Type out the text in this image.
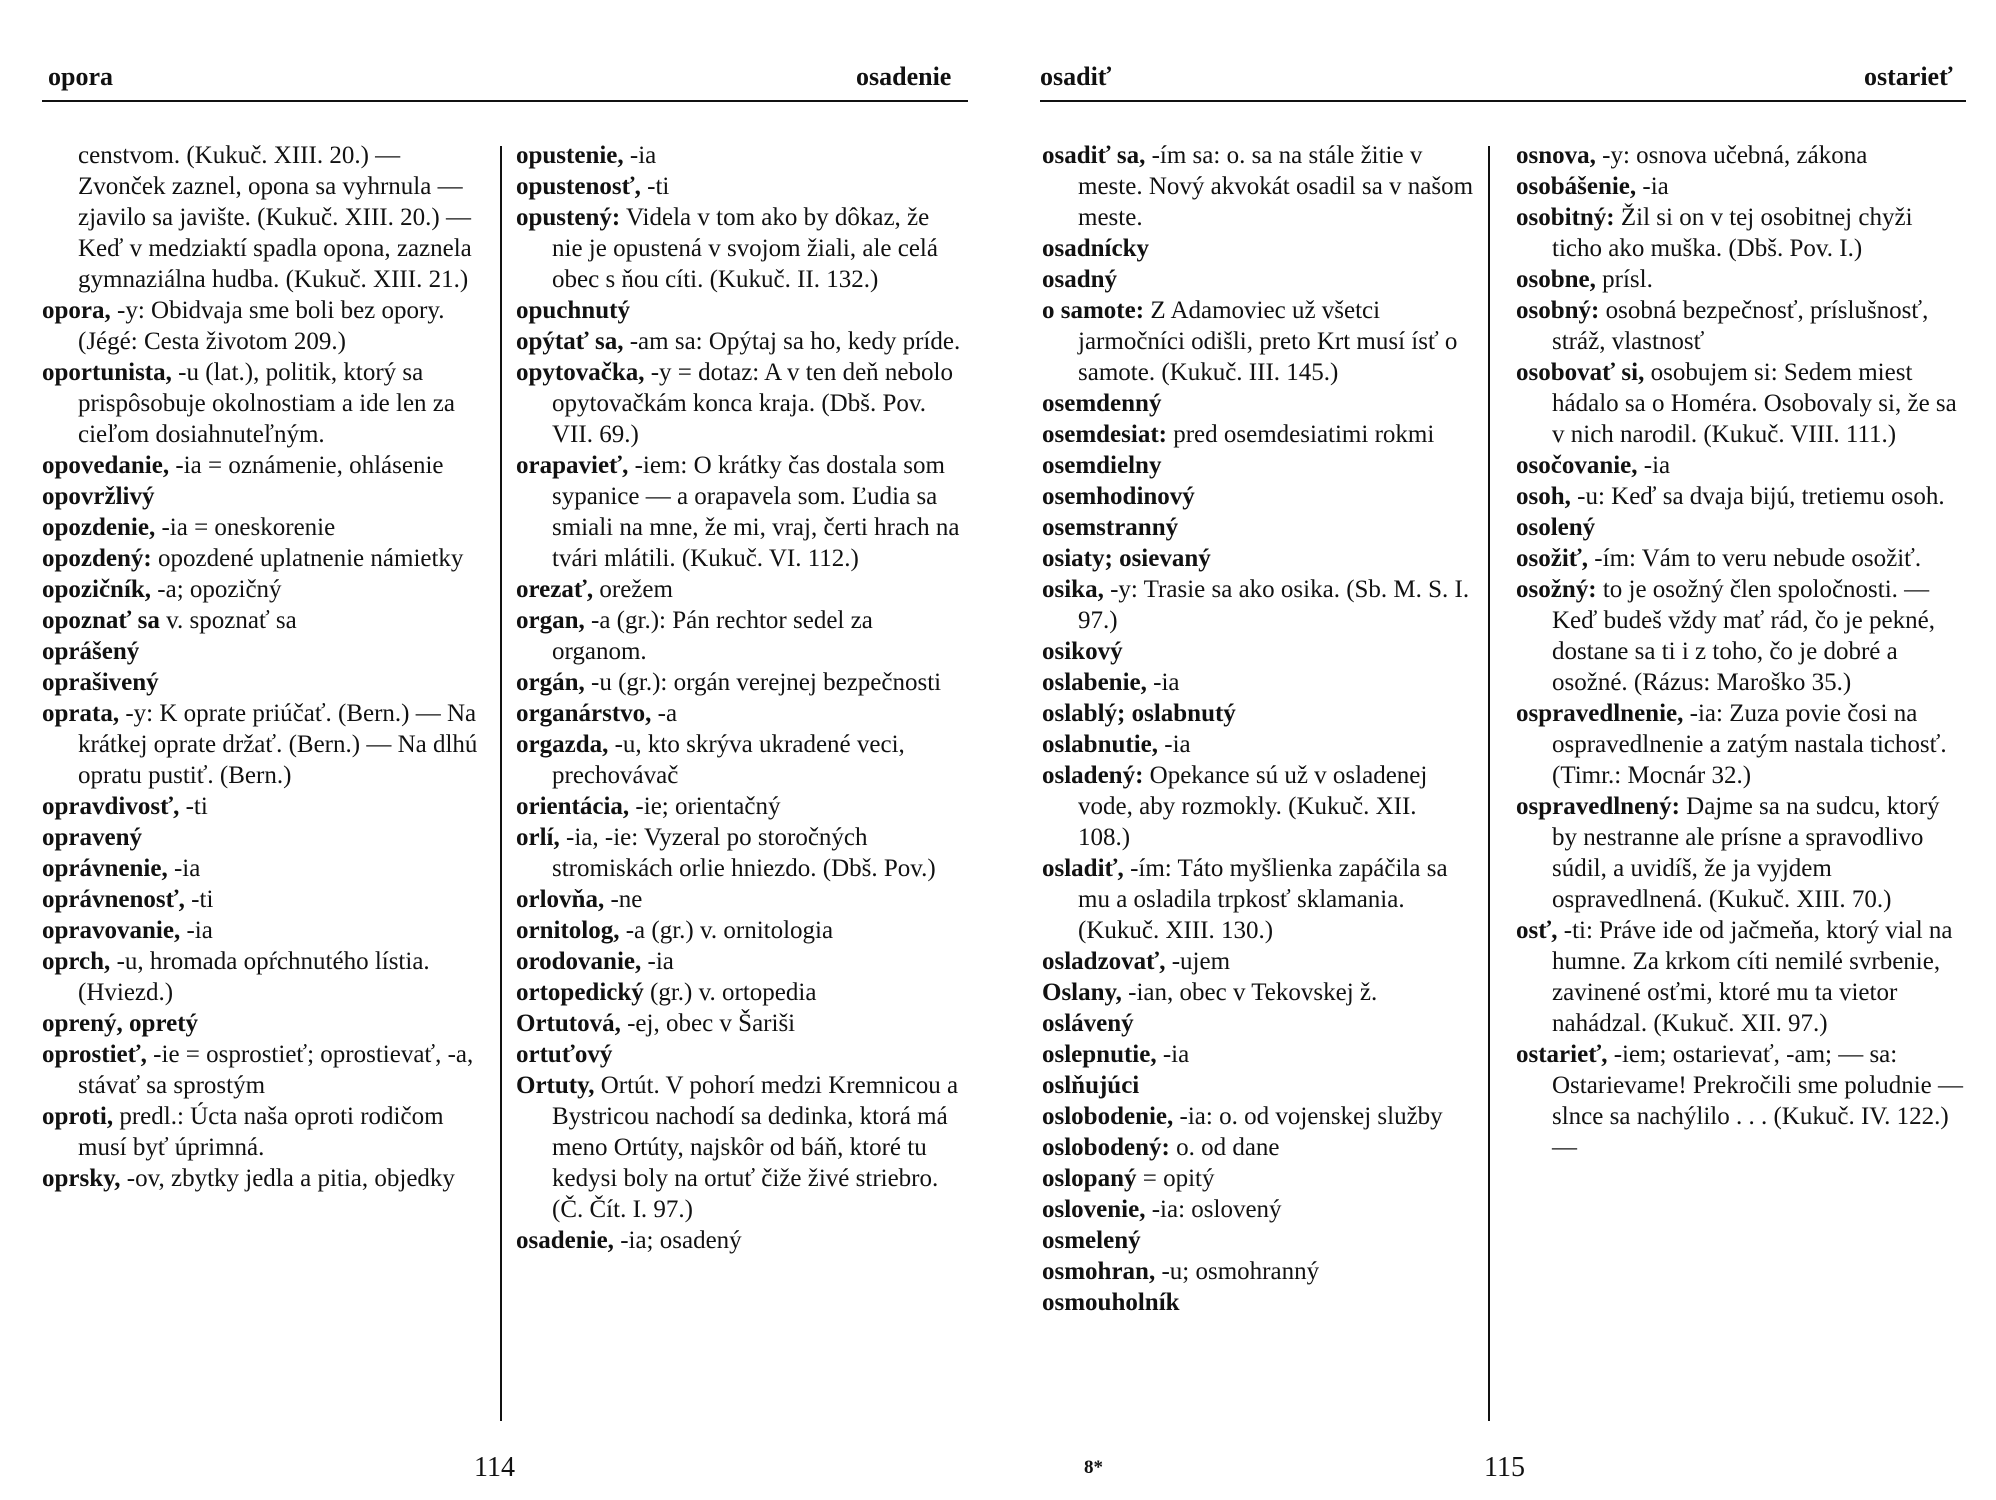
opora	osadenie
censtvom. (Kukuč. XIII. 20.) — Zvonček zaznel, opona sa vyhrnula — zjavilo sa javište. (Kukuč. XIII. 20.) — Keď v medziaktí spadla opona, zaznela gymnaziálna hudba. (Kukuč. XIII. 21.)
opora, -y: Obidvaja sme boli bez opory. (Jégé: Cesta životom 209.)
oportunista, -u (lat.), politik, ktorý sa prispôsobuje okolnostiam a ide len za cieľom dosiahnuteľným.
opovedanie, -ia = oznámenie, ohlásenie
opovržlivý
opozdenie, -ia = oneskorenie
opozdený: opozdené uplatnenie námietky
opozičník, -a; opozičný
opoznať sa v. spoznať sa
oprášený
oprašivený
oprata, -y: K oprate priúčať. (Bern.) — Na krátkej oprate držať. (Bern.) — Na dlhú opratu pustiť. (Bern.)
opravdivosť, -ti
opravený
oprávnenie, -ia
oprávnenosť, -ti
opravovanie, -ia
oprch, -u, hromada opŕchnutého lístia. (Hviezd.)
oprený, opretý
oprostieť, -ie = osprostieť; oprostievať, -a, stávať sa sprostým
oproti, predl.: Úcta naša oproti rodičom musí byť úprimná.
oprsky, -ov, zbytky jedla a pitia, objedky
opustenie, -ia
opustenosť, -ti
opustený: Videla v tom ako by dôkaz, že nie je opustená v svojom žiali, ale celá obec s ňou cíti. (Kukuč. II. 132.)
opuchnutý
opýtať sa, -am sa: Opýtaj sa ho, kedy príde.
opytovačka, -y = dotaz: A v ten deň nebolo opytovačkám konca kraja. (Dbš. Pov. VII. 69.)
orapavieť, -iem: O krátky čas dostala som sypanice — a orapavela som. Ľudia sa smiali na mne, že mi, vraj, čerti hrach na tvári mlátili. (Kukuč. VI. 112.)
orezať, orežem
organ, -a (gr.): Pán rechtor sedel za organom.
orgán, -u (gr.): orgán verejnej bezpečnosti
organárstvo, -a
orgazda, -u, kto skrýva ukradené veci, prechovávač
orientácia, -ie; orientačný
orlí, -ia, -ie: Vyzeral po storočných stromiskách orlie hniezdo. (Dbš. Pov.)
orlovňa, -ne
ornitolog, -a (gr.) v. ornitologia
orodovanie, -ia
ortopedický (gr.) v. ortopedia
Ortutová, -ej, obec v Šariši
ortuťový
Ortuty, Ortút. V pohorí medzi Kremnicou a Bystricou nachodí sa dedinka, ktorá má meno Ortúty, najskôr od báň, ktoré tu kedysi boly na ortuť čiže živé striebro. (Č. Čít. I. 97.)
osadenie, -ia; osadený
114
osadiť	ostarieť
osadiť sa, -ím sa: o. sa na stále žitie v meste. Nový akvokát osadil sa v našom meste.
osadnícky
osadný
o samote: Z Adamoviec už všetci jarmočníci odišli, preto Krt musí ísť o samote. (Kukuč. III. 145.)
osemdenný
osemdesiat: pred osemdesiatimi rokmi
osemdielny
osemhodinový
osemstranný
osiaty; osievaný
osika, -y: Trasie sa ako osika. (Sb. M. S. I. 97.)
osikový
oslabenie, -ia
oslablý; oslabnutý
oslabnutie, -ia
osladený: Opekance sú už v osladenej vode, aby rozmokly. (Kukuč. XII. 108.)
osladiť, -ím: Táto myšlienka zapáčila sa mu a osladila trpkosť sklamania. (Kukuč. XIII. 130.)
osladzovať, -ujem
Oslany, -ian, obec v Tekovskej ž.
oslávený
oslepnutie, -ia
oslňujúci
oslobodenie, -ia: o. od vojenskej služby
oslobodený: o. od dane
oslopaný = opitý
oslovenie, -ia: oslovený
osmelený
osmohran, -u; osmohranný
osmouholník
osnova, -y: osnova učebná, zákona
osobášenie, -ia
osobitný: Žil si on v tej osobitnej chyži ticho ako muška. (Dbš. Pov. I.)
osobne, prísl.
osobný: osobná bezpečnosť, príslušnosť, stráž, vlastnosť
osobovať si, osobujem si: Sedem miest hádalo sa o Homéra. Osobovaly si, že sa v nich narodil. (Kukuč. VIII. 111.)
osočovanie, -ia
osoh, -u: Keď sa dvaja bijú, tretiemu osoh.
osolený
osožiť, -ím: Vám to veru nebude osožiť.
osožný: to je osožný člen spoločnosti. — Keď budeš vždy mať rád, čo je pekné, dostane sa ti i z toho, čo je dobré a osožné. (Rázus: Maroško 35.)
ospravedlnenie, -ia: Zuza povie čosi na ospravedlnenie a zatým nastala tichosť. (Timr.: Mocnár 32.)
ospravedlnený: Dajme sa na sudcu, ktorý by nestranne ale prísne a spravodlivo súdil, a uvidíš, že ja vyjdem ospravedlnená. (Kukuč. XIII. 70.)
osť, -ti: Práve ide od jačmeňa, ktorý vial na humne. Za krkom cíti nemilé svrbenie, zavinené osťmi, ktoré mu ta vietor nahádzal. (Kukuč. XII. 97.)
ostarieť, -iem; ostarievať, -am; — sa: Ostarievame! Prekročili sme poludnie — slnce sa nachýlilo . . . (Kukuč. IV. 122.) —
8*	115
